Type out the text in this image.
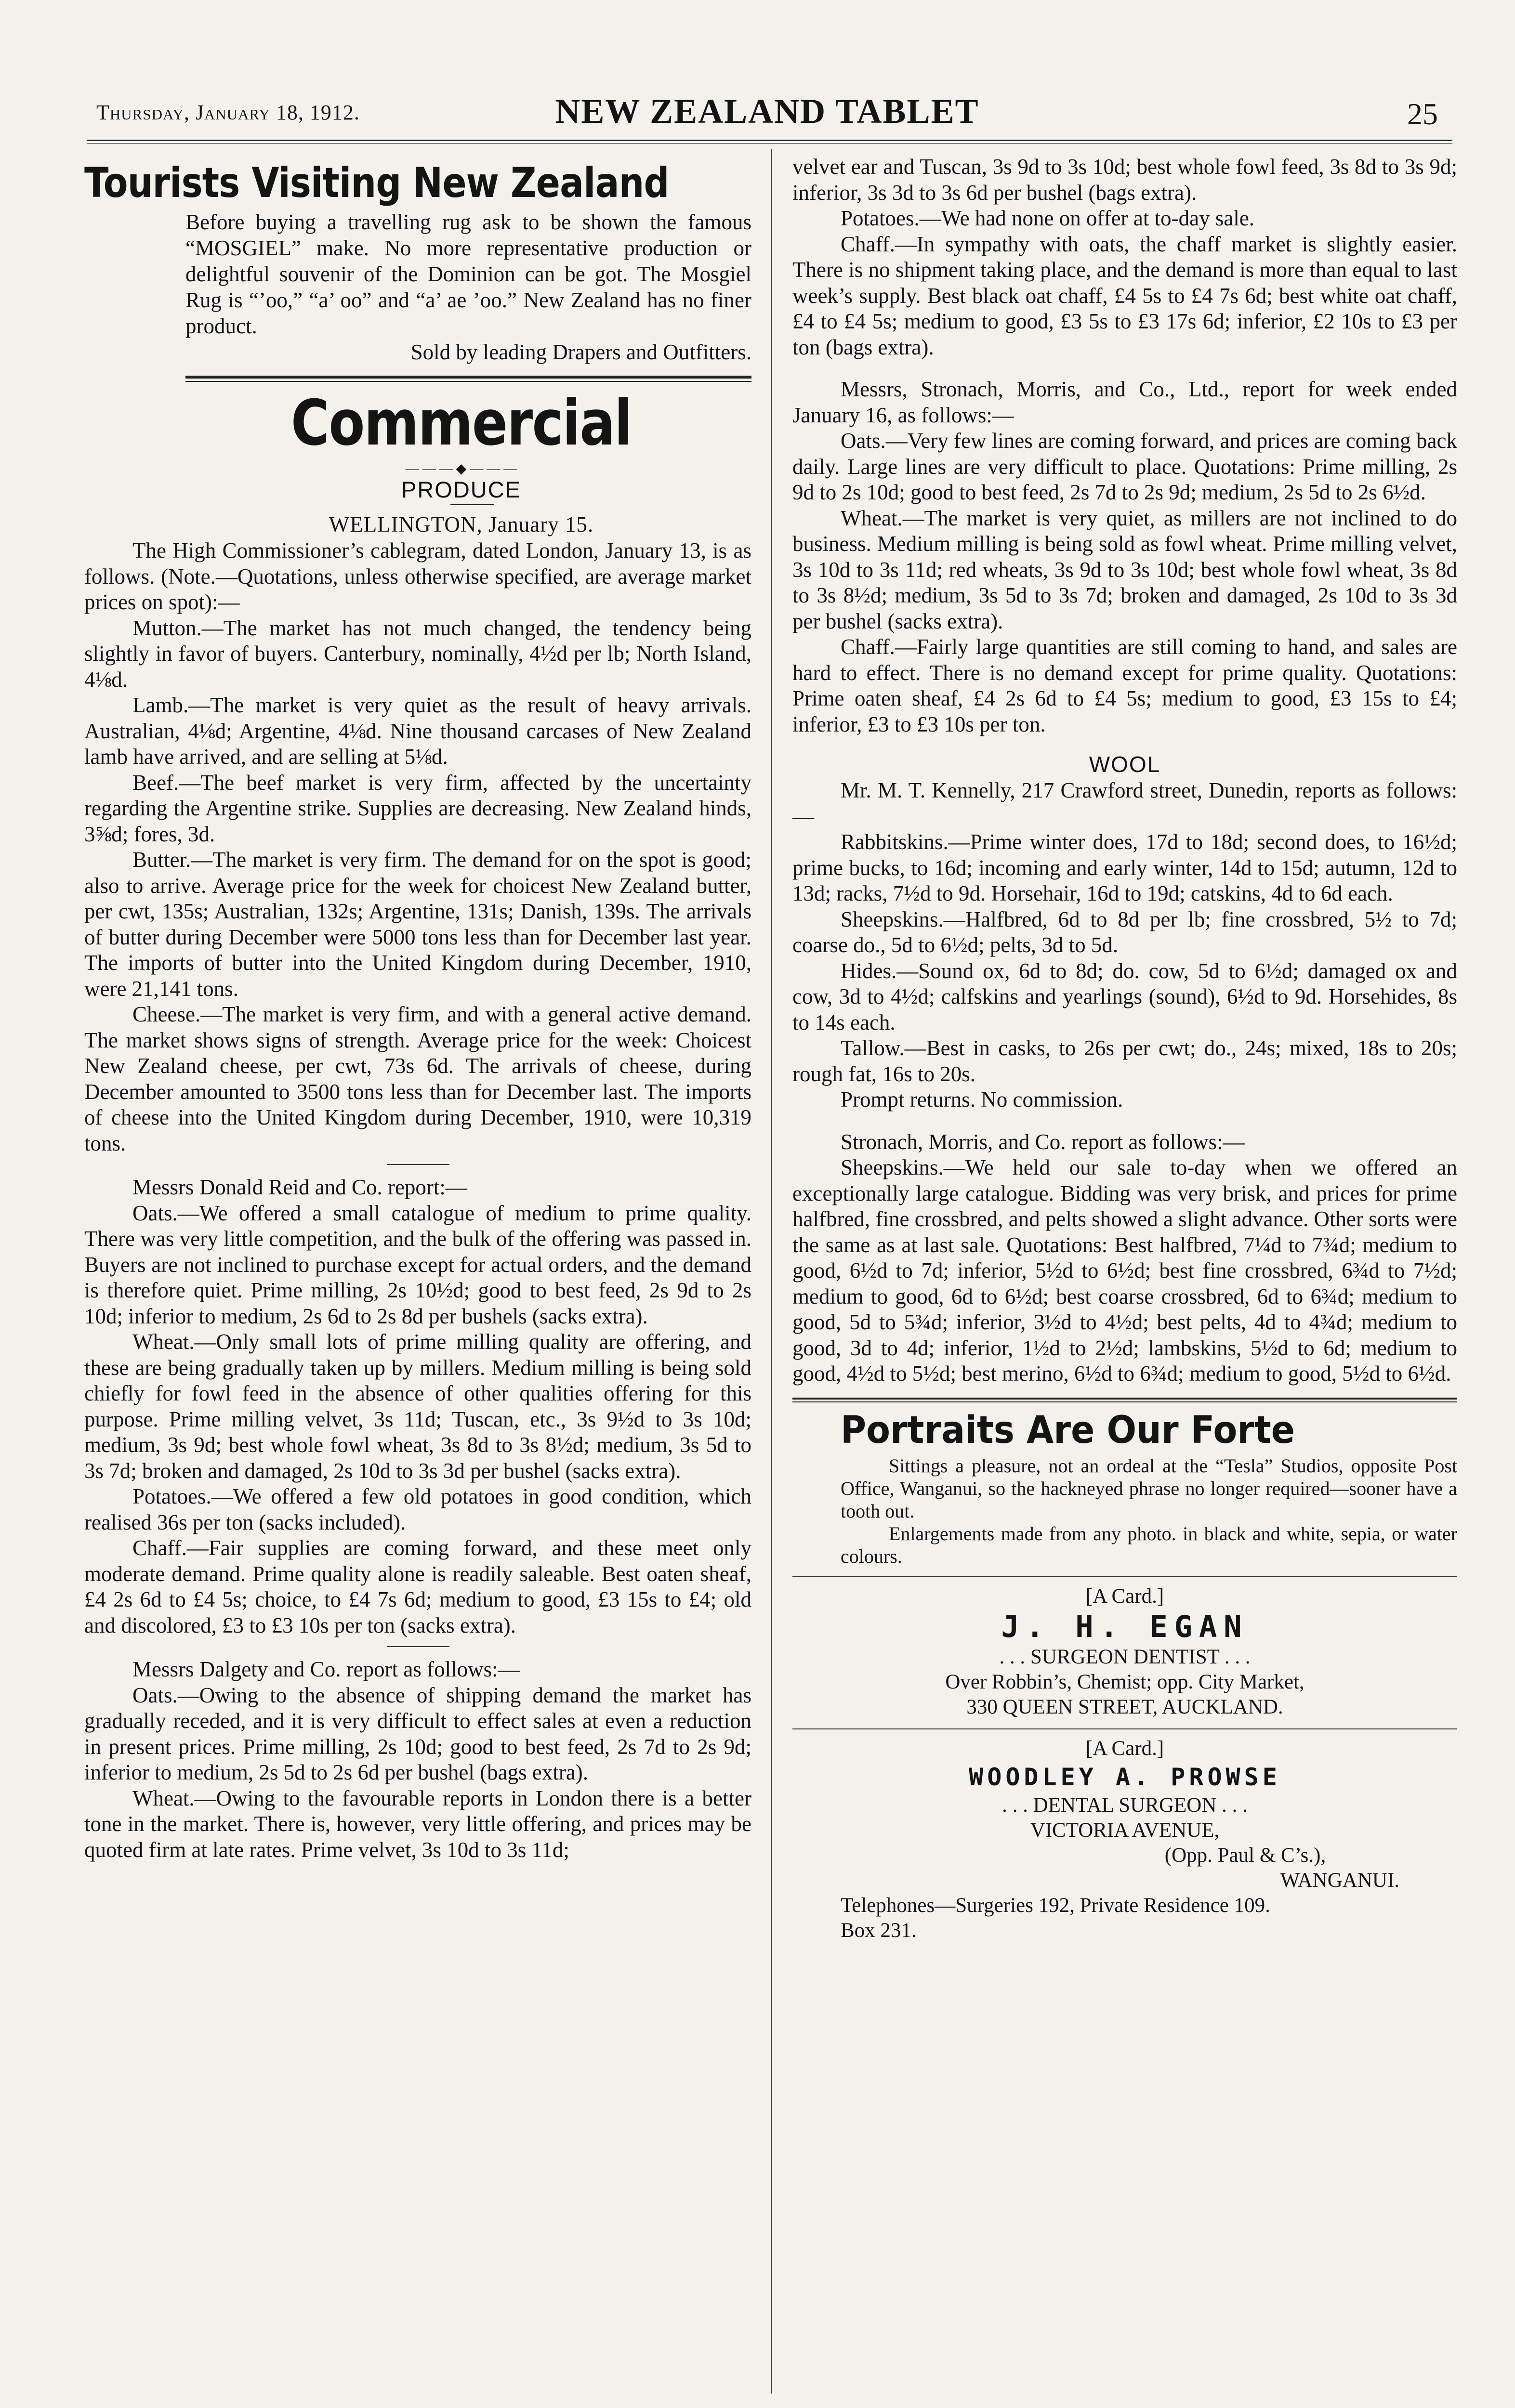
Thursday, January 18, 1912.	NEW ZEALAND TABLET	25
Tourists Visiting New Zealand

Before buying a travelling rug ask to be shown the famous “MOSGIEL” make. No more representative production or delightful souvenir of the Dominion can be got. The Mosgiel Rug is “’oo,” “a’ oo” and “a’ ae ’oo.” New Zealand has no finer product.

Sold by leading Drapers and Outfitters.

Commercial
— — — ◆ — — —
PRODUCE
WELLINGTON, January 15.

The High Commissioner’s cablegram, dated London, January 13, is as follows. (Note.—Quotations, unless otherwise specified, are average market prices on spot):—

Mutton.—The market has not much changed, the tendency being slightly in favor of buyers. Canterbury, nominally, 4½d per lb; North Island, 4⅛d.

Lamb.—The market is very quiet as the result of heavy arrivals. Australian, 4⅛d; Argentine, 4⅛d. Nine thousand carcases of New Zealand lamb have arrived, and are selling at 5⅛d.

Beef.—The beef market is very firm, affected by the uncertainty regarding the Argentine strike. Supplies are decreasing. New Zealand hinds, 3⅝d; fores, 3d.

Butter.—The market is very firm. The demand for on the spot is good; also to arrive. Average price for the week for choicest New Zealand butter, per cwt, 135s; Australian, 132s; Argentine, 131s; Danish, 139s. The arrivals of butter during December were 5000 tons less than for December last year. The imports of butter into the United Kingdom during December, 1910, were 21,141 tons.

Cheese.—The market is very firm, and with a general active demand. The market shows signs of strength. Average price for the week: Choicest New Zealand cheese, per cwt, 73s 6d. The arrivals of cheese, during December amounted to 3500 tons less than for December last. The imports of cheese into the United Kingdom during December, 1910, were 10,319 tons.

Messrs Donald Reid and Co. report:—

Oats.—We offered a small catalogue of medium to prime quality. There was very little competition, and the bulk of the offering was passed in. Buyers are not inclined to purchase except for actual orders, and the demand is therefore quiet. Prime milling, 2s 10½d; good to best feed, 2s 9d to 2s 10d; inferior to medium, 2s 6d to 2s 8d per bushels (sacks extra).

Wheat.—Only small lots of prime milling quality are offering, and these are being gradually taken up by millers. Medium milling is being sold chiefly for fowl feed in the absence of other qualities offering for this purpose. Prime milling velvet, 3s 11d; Tuscan, etc., 3s 9½d to 3s 10d; medium, 3s 9d; best whole fowl wheat, 3s 8d to 3s 8½d; medium, 3s 5d to 3s 7d; broken and damaged, 2s 10d to 3s 3d per bushel (sacks extra).

Potatoes.—We offered a few old potatoes in good condition, which realised 36s per ton (sacks included).

Chaff.—Fair supplies are coming forward, and these meet only moderate demand. Prime quality alone is readily saleable. Best oaten sheaf, £4 2s 6d to £4 5s; choice, to £4 7s 6d; medium to good, £3 15s to £4; old and discolored, £3 to £3 10s per ton (sacks extra).

Messrs Dalgety and Co. report as follows:—

Oats.—Owing to the absence of shipping demand the market has gradually receded, and it is very difficult to effect sales at even a reduction in present prices. Prime milling, 2s 10d; good to best feed, 2s 7d to 2s 9d; inferior to medium, 2s 5d to 2s 6d per bushel (bags extra).

Wheat.—Owing to the favourable reports in London there is a better tone in the market. There is, however, very little offering, and prices may be quoted firm at late rates. Prime velvet, 3s 10d to 3s 11d;

velvet ear and Tuscan, 3s 9d to 3s 10d; best whole fowl feed, 3s 8d to 3s 9d; inferior, 3s 3d to 3s 6d per bushel (bags extra).

Potatoes.—We had none on offer at to-day sale.

Chaff.—In sympathy with oats, the chaff market is slightly easier. There is no shipment taking place, and the demand is more than equal to last week’s supply. Best black oat chaff, £4 5s to £4 7s 6d; best white oat chaff, £4 to £4 5s; medium to good, £3 5s to £3 17s 6d; inferior, £2 10s to £3 per ton (bags extra).

Messrs, Stronach, Morris, and Co., Ltd., report for week ended January 16, as follows:—

Oats.—Very few lines are coming forward, and prices are coming back daily. Large lines are very difficult to place. Quotations: Prime milling, 2s 9d to 2s 10d; good to best feed, 2s 7d to 2s 9d; medium, 2s 5d to 2s 6½d.

Wheat.—The market is very quiet, as millers are not inclined to do business. Medium milling is being sold as fowl wheat. Prime milling velvet, 3s 10d to 3s 11d; red wheats, 3s 9d to 3s 10d; best whole fowl wheat, 3s 8d to 3s 8½d; medium, 3s 5d to 3s 7d; broken and damaged, 2s 10d to 3s 3d per bushel (sacks extra).

Chaff.—Fairly large quantities are still coming to hand, and sales are hard to effect. There is no demand except for prime quality. Quotations: Prime oaten sheaf, £4 2s 6d to £4 5s; medium to good, £3 15s to £4; inferior, £3 to £3 10s per ton.

WOOL

Mr. M. T. Kennelly, 217 Crawford street, Dunedin, reports as follows:—

Rabbitskins.—Prime winter does, 17d to 18d; second does, to 16½d; prime bucks, to 16d; incoming and early winter, 14d to 15d; autumn, 12d to 13d; racks, 7½d to 9d. Horsehair, 16d to 19d; catskins, 4d to 6d each.

Sheepskins.—Halfbred, 6d to 8d per lb; fine crossbred, 5½ to 7d; coarse do., 5d to 6½d; pelts, 3d to 5d.

Hides.—Sound ox, 6d to 8d; do. cow, 5d to 6½d; damaged ox and cow, 3d to 4½d; calfskins and yearlings (sound), 6½d to 9d. Horsehides, 8s to 14s each.

Tallow.—Best in casks, to 26s per cwt; do., 24s; mixed, 18s to 20s; rough fat, 16s to 20s.

Prompt returns. No commission.

Stronach, Morris, and Co. report as follows:—

Sheepskins.—We held our sale to-day when we offered an exceptionally large catalogue. Bidding was very brisk, and prices for prime halfbred, fine crossbred, and pelts showed a slight advance. Other sorts were the same as at last sale. Quotations: Best halfbred, 7¼d to 7¾d; medium to good, 6½d to 7d; inferior, 5½d to 6½d; best fine crossbred, 6¾d to 7½d; medium to good, 6d to 6½d; best coarse crossbred, 6d to 6¾d; medium to good, 5d to 5¾d; inferior, 3½d to 4½d; best pelts, 4d to 4¾d; medium to good, 3d to 4d; inferior, 1½d to 2½d; lambskins, 5½d to 6d; medium to good, 4½d to 5½d; best merino, 6½d to 6¾d; medium to good, 5½d to 6½d.

Portraits Are Our Forte

Sittings a pleasure, not an ordeal at the “Tesla” Studios, opposite Post Office, Wanganui, so the hackneyed phrase no longer required—sooner have a tooth out.

Enlargements made from any photo. in black and white, sepia, or water colours.

[A Card.]
J. H. EGAN
. . . SURGEON DENTIST . . .
Over Robbin’s, Chemist; opp. City Market,
330 QUEEN STREET, AUCKLAND.
[A Card.]
WOODLEY A. PROWSE
. . . DENTAL SURGEON . . .
VICTORIA AVENUE,
(Opp. Paul & C’s.),
WANGANUI.
Telephones—Surgeries 192, Private Residence 109.
Box 231.
